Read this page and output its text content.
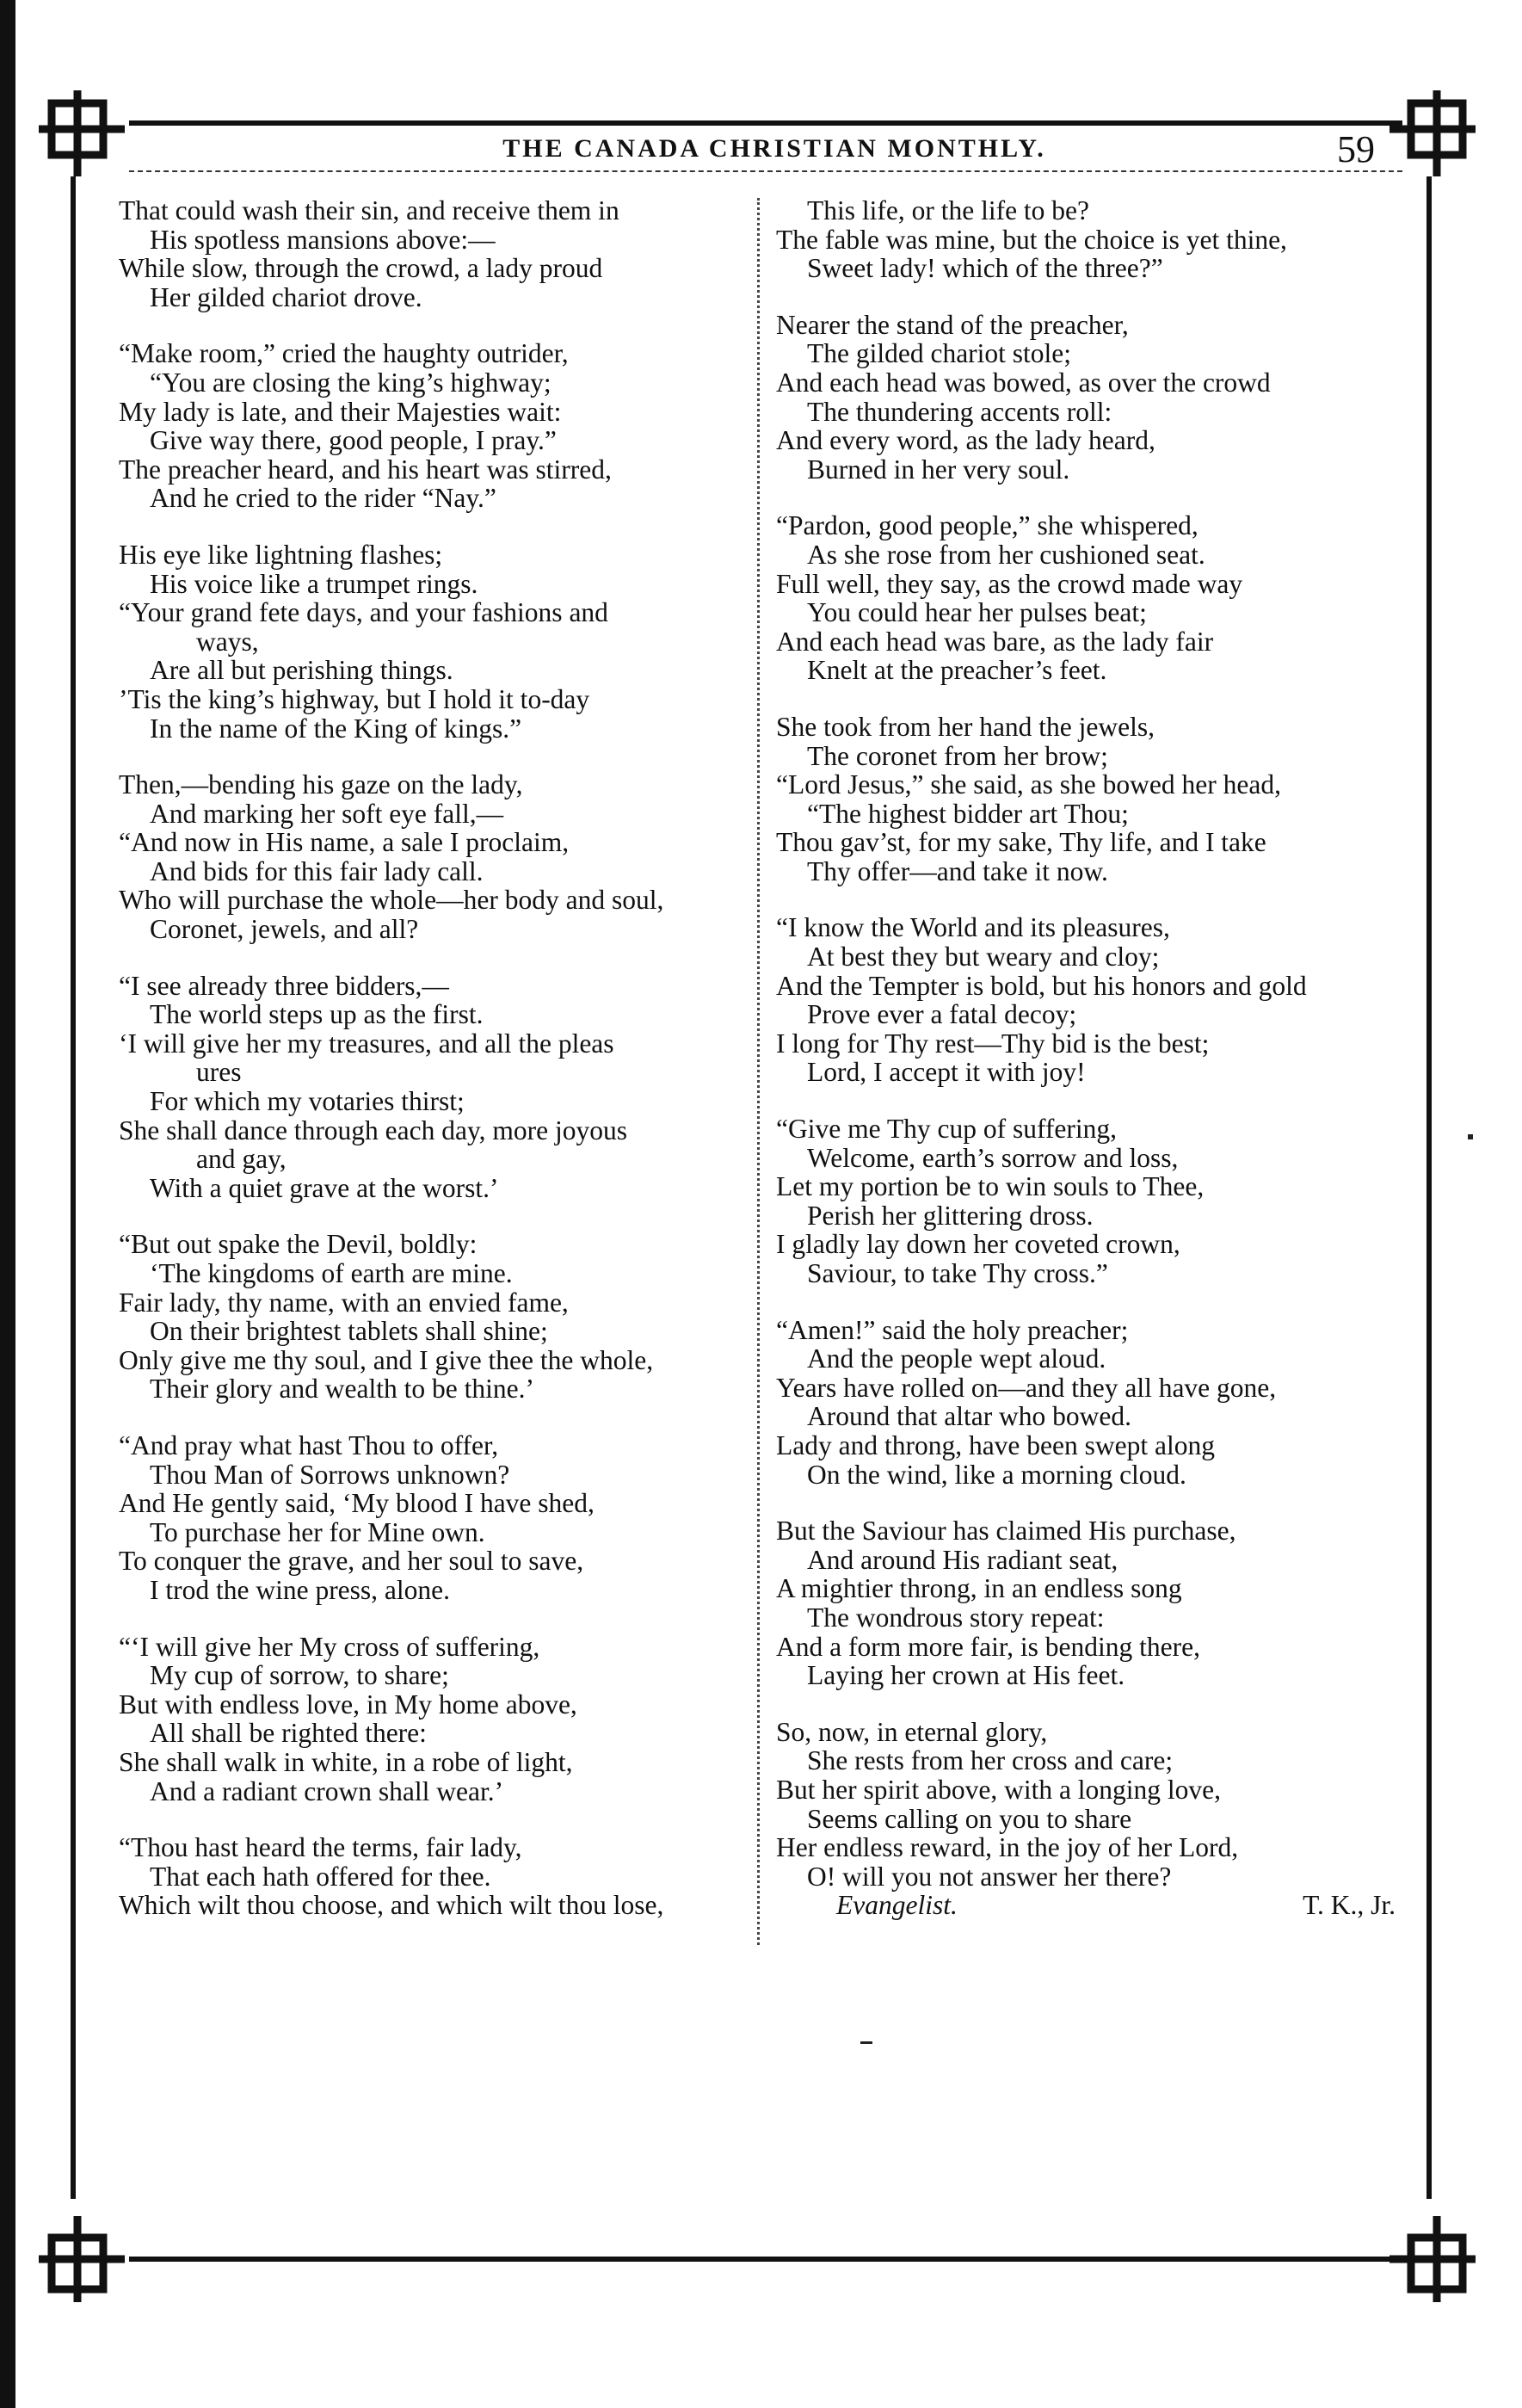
THE CANADA CHRISTIAN MONTHLY.	59
That could wash their sin, and receive them in
His spotless mansions above:—
While slow, through the crowd, a lady proud
Her gilded chariot drove.
“Make room,” cried the haughty outrider,
“You are closing the king’s highway;
My lady is late, and their Majesties wait:
Give way there, good people, I pray.”
The preacher heard, and his heart was stirred,
And he cried to the rider “Nay.”
His eye like lightning flashes;
His voice like a trumpet rings.
“Your grand fete days, and your fashions and
ways,
Are all but perishing things.
’Tis the king’s highway, but I hold it to-day
In the name of the King of kings.”
Then,—bending his gaze on the lady,
And marking her soft eye fall,—
“And now in His name, a sale I proclaim,
And bids for this fair lady call.
Who will purchase the whole—her body and soul,
Coronet, jewels, and all?
“I see already three bidders,—
The world steps up as the first.
‘I will give her my treasures, and all the pleas
ures
For which my votaries thirst;
She shall dance through each day, more joyous
and gay,
With a quiet grave at the worst.’
“But out spake the Devil, boldly:
‘The kingdoms of earth are mine.
Fair lady, thy name, with an envied fame,
On their brightest tablets shall shine;
Only give me thy soul, and I give thee the whole,
Their glory and wealth to be thine.’
“And pray what hast Thou to offer,
Thou Man of Sorrows unknown?
And He gently said, ‘My blood I have shed,
To purchase her for Mine own.
To conquer the grave, and her soul to save,
I trod the wine press, alone.
“‘I will give her My cross of suffering,
My cup of sorrow, to share;
But with endless love, in My home above,
All shall be righted there:
She shall walk in white, in a robe of light,
And a radiant crown shall wear.’
“Thou hast heard the terms, fair lady,
That each hath offered for thee.
Which wilt thou choose, and which wilt thou lose,
This life, or the life to be?
The fable was mine, but the choice is yet thine,
Sweet lady! which of the three?”
Nearer the stand of the preacher,
The gilded chariot stole;
And each head was bowed, as over the crowd
The thundering accents roll:
And every word, as the lady heard,
Burned in her very soul.
“Pardon, good people,” she whispered,
As she rose from her cushioned seat.
Full well, they say, as the crowd made way
You could hear her pulses beat;
And each head was bare, as the lady fair
Knelt at the preacher’s feet.
She took from her hand the jewels,
The coronet from her brow;
“Lord Jesus,” she said, as she bowed her head,
“The highest bidder art Thou;
Thou gav’st, for my sake, Thy life, and I take
Thy offer—and take it now.
“I know the World and its pleasures,
At best they but weary and cloy;
And the Tempter is bold, but his honors and gold
Prove ever a fatal decoy;
I long for Thy rest—Thy bid is the best;
Lord, I accept it with joy!
“Give me Thy cup of suffering,
Welcome, earth’s sorrow and loss,
Let my portion be to win souls to Thee,
Perish her glittering dross.
I gladly lay down her coveted crown,
Saviour, to take Thy cross.”
“Amen!” said the holy preacher;
And the people wept aloud.
Years have rolled on—and they all have gone,
Around that altar who bowed.
Lady and throng, have been swept along
On the wind, like a morning cloud.
But the Saviour has claimed His purchase,
And around His radiant seat,
A mightier throng, in an endless song
The wondrous story repeat:
And a form more fair, is bending there,
Laying her crown at His feet.
So, now, in eternal glory,
She rests from her cross and care;
But her spirit above, with a longing love,
Seems calling on you to share
Her endless reward, in the joy of her Lord,
O! will you not answer her there?
Evangelist.	T. K., Jr.
